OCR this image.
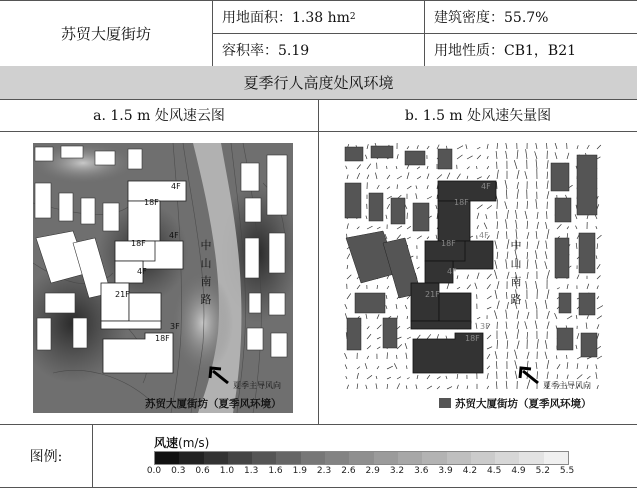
苏贸大厦街坊
用地面积：1.38 hm 2	建筑密度：55.7%
容积率：5.19	用地性质：CB1，B21
夏季行人高度处风环境
a. 1.5 m 处风速云图	b. 1.5 m 处风速矢量图
4F
18F
4F
18F
4F
21F
3F
18F
中
山
南
路
夏季主导风向
苏贸大厦街坊（夏季风环境）
4F
18F
4F
18F
4F
21F
3F
18F
中
山
南
路
夏季主导风向
苏贸大厦街坊（夏季风环境）
图例:
风速(m/s)
0.0 0.3 0.6 1.0 1.3 1.6 1.9 2.3 2.6 2.9 3.2 3.6 3.9 4.2 4.5 4.9 5.2 5.5
